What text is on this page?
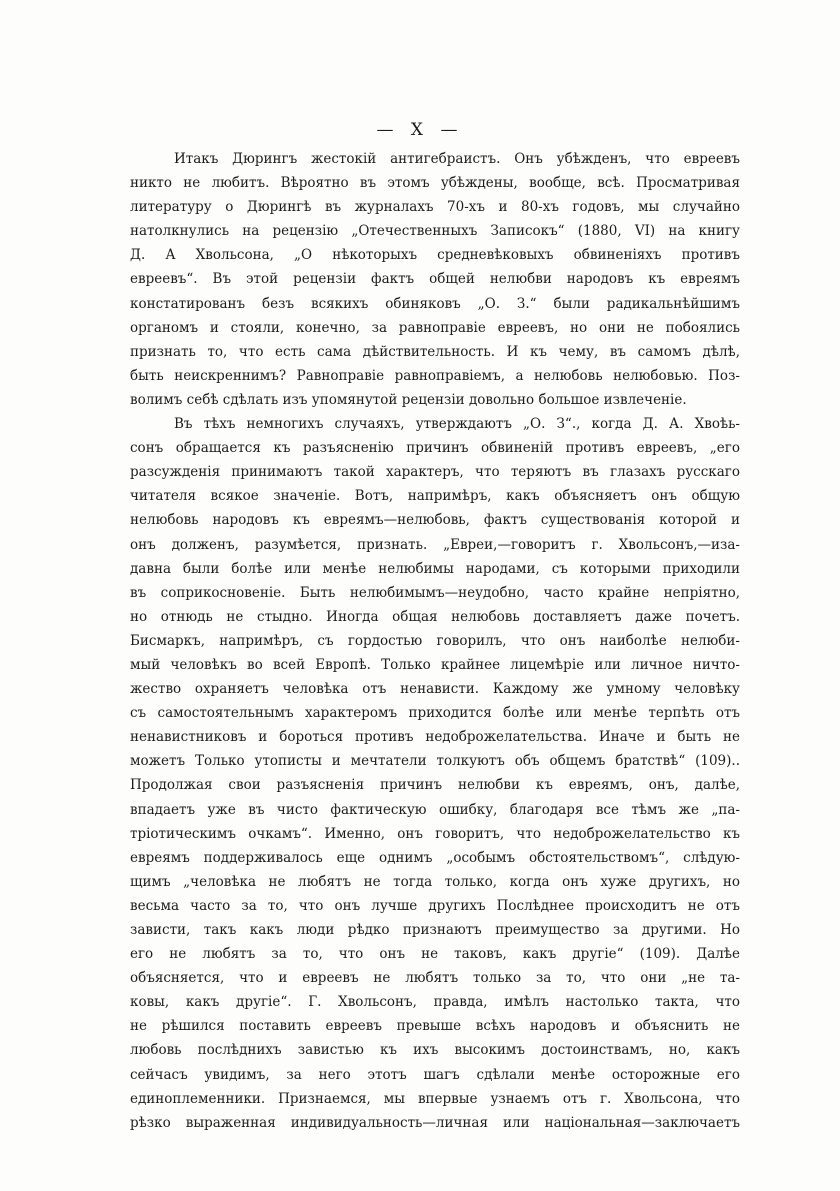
— X —
Итакъ Дюрингъ жестокій антигебраистъ. Онъ убѣжденъ, что евреевъ
никто не любитъ. Вѣроятно въ этомъ убѣждены, вообще, всѣ. Просматривая
литературу о Дюрингѣ въ журналахъ 70-хъ и 80-хъ годовъ, мы случайно
натолкнулись на рецензію „Отечественныхъ Записокъ“ (1880, VI) на книгу
Д. А Хвольсона, „О нѣкоторыхъ средневѣковыхъ обвиненіяхъ противъ
евреевъ“. Въ этой рецензіи фактъ общей нелюбви народовъ къ евреямъ
констатированъ безъ всякихъ обиняковъ „О. З.“ были радикальнѣйшимъ
органомъ и стояли, конечно, за равноправіе евреевъ, но они не побоялись
признать то, что есть сама дѣйствительность. И къ чему, въ самомъ дѣлѣ,
быть неискреннимъ? Равноправіе равноправіемъ, а нелюбовь нелюбовью. Поз-
волимъ себѣ сдѣлать изъ упомянутой рецензіи довольно большое извлеченіе.
Въ тѣхъ немногихъ случаяхъ, утверждаютъ „О. З“., когда Д. А. Хвоѣь-
сонъ обращается къ разъясненію причинъ обвиненій противъ евреевъ, „его
разсужденія принимаютъ такой характеръ, что теряютъ въ глазахъ русскаго
читателя всякое значеніе. Вотъ, напримѣръ, какъ объясняетъ онъ общую
нелюбовь народовъ къ евреямъ—нелюбовь, фактъ существованія которой и
онъ долженъ, разумѣется, признать. „Евреи,—говоритъ г. Хвольсонъ,—иза-
давна были болѣе или менѣе нелюбимы народами, съ которыми приходили
въ соприкосновеніе. Быть нелюбимымъ—неудобно, часто крайне непріятно,
но отнюдь не стыдно. Иногда общая нелюбовь доставляетъ даже почетъ.
Бисмаркъ, напримѣръ, съ гордостью говорилъ, что онъ наиболѣе нелюби-
мый человѣкъ во всей Европѣ. Только крайнее лицемѣріе или личное ничто-
жество охраняетъ человѣка отъ ненависти. Каждому же умному человѣку
съ самостоятельнымъ характеромъ приходится болѣе или менѣе терпѣть отъ
ненавистниковъ и бороться противъ недоброжелательства. Иначе и быть не
можетъ Только утописты и мечтатели толкуютъ объ общемъ братствѣ“ (109)..
Продолжая свои разъясненія причинъ нелюбви къ евреямъ, онъ, далѣе,
впадаетъ уже въ чисто фактическую ошибку, благодаря все тѣмъ же „па-
тріотическимъ очкамъ“. Именно, онъ говоритъ, что недоброжелательство къ
евреямъ поддерживалось еще однимъ „особымъ обстоятельствомъ“, слѣдую-
щимъ „человѣка не любятъ не тогда только, когда онъ хуже другихъ, но
весьма часто за то, что онъ лучше другихъ Послѣднее происходитъ не отъ
зависти, такъ какъ люди рѣдко признаютъ преимущество за другими. Но
его не любятъ за то, что онъ не таковъ, какъ другіе“ (109). Далѣе
объясняется, что и евреевъ не любятъ только за то, что они „не та-
ковы, какъ другіе“. Г. Хвольсонъ, правда, имѣлъ настолько такта, что
не рѣшился поставить евреевъ превыше всѣхъ народовъ и объяснить не
любовь послѣднихъ завистью къ ихъ высокимъ достоинствамъ, но, какъ
сейчасъ увидимъ, за него этотъ шагъ сдѣлали менѣе осторожные его
единоплеменники. Признаемся, мы впервые узнаемъ отъ г. Хвольсона, что
рѣзко выраженная индивидуальность—личная или національная—заключаетъ
